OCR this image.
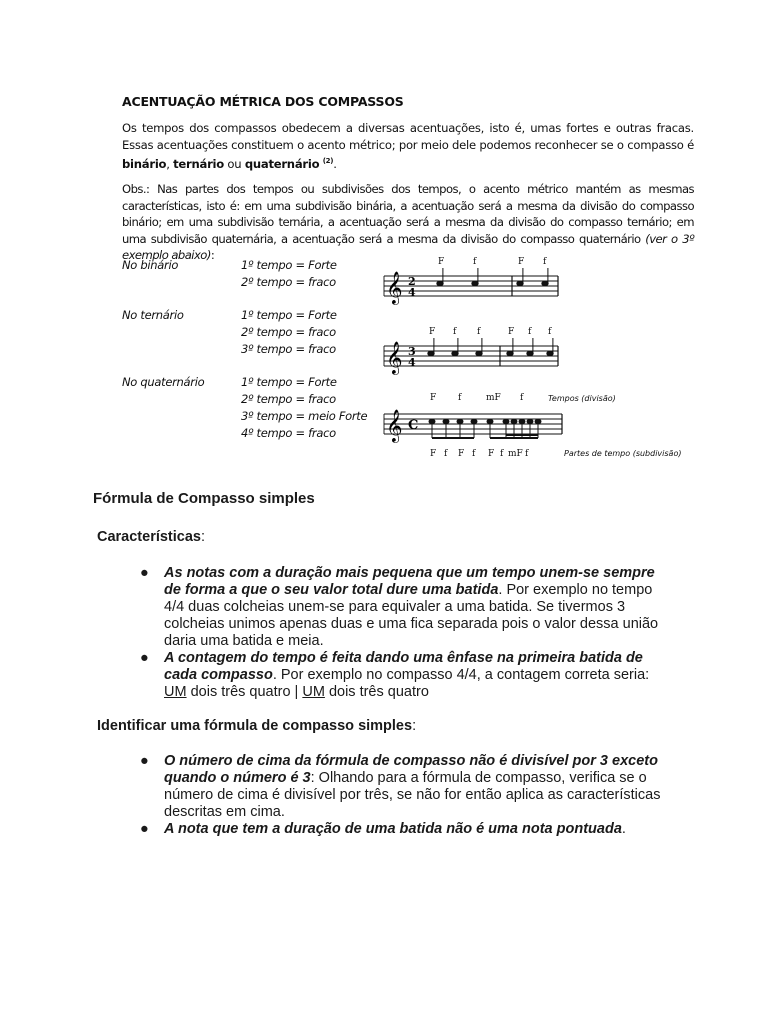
ACENTUAÇÃO MÉTRICA DOS COMPASSOS
Os tempos dos compassos obedecem a diversas acentuações, isto é, umas fortes e outras fracas. Essas acentuações constituem o acento métrico; por meio dele podemos reconhecer se o compasso é binário, ternário ou quaternário $^{(2)}$.
Obs.: Nas partes dos tempos ou subdivisões dos tempos, o acento métrico mantém as mesmas características, isto é: em uma subdivisão binária, a acentuação será a mesma da divisão do compasso binário; em uma subdivisão ternária, a acentuação será a mesma da divisão do compasso ternário; em uma subdivisão quaternária, a acentuação será a mesma da divisão do compasso quaternário (ver o 3º exemplo abaixo):
No binário	1º tempo = Forte
2º tempo = fraco 𝄞 2
4
F	f	F f
No ternário	1º tempo = Forte
2º tempo = fraco
3º tempo = fraco 𝄞 3
4
F f f	F f f
No quaternário	1º tempo = Forte
2º tempo = fraco
3º tempo = meio Forte
4º tempo = fraco	𝄞 C
F f	mF f	Tempos (divisão)
F f F f F f mF f	Partes de tempo (subdivisão)
Fórmula de Compasso simples
Características:
● As notas com a duração mais pequena que um tempo unem-se sempre de forma a que o seu valor total dure uma batida. Por exemplo no tempo 4/4 duas colcheias unem-se para equivaler a uma batida. Se tivermos 3 colcheias unimos apenas duas e uma fica separada pois o valor dessa união daria uma batida e meia.
● A contagem do tempo é feita dando uma ênfase na primeira batida de cada compasso. Por exemplo no compasso 4/4, a contagem correta seria: UM dois três quatro | UM dois três quatro
Identificar uma fórmula de compasso simples:
● O número de cima da fórmula de compasso não é divisível por 3 exceto quando o número é 3: Olhando para a fórmula de compasso, verifica se o número de cima é divisível por três, se não for então aplica as características descritas em cima.
● A nota que tem a duração de uma batida não é uma nota pontuada.
